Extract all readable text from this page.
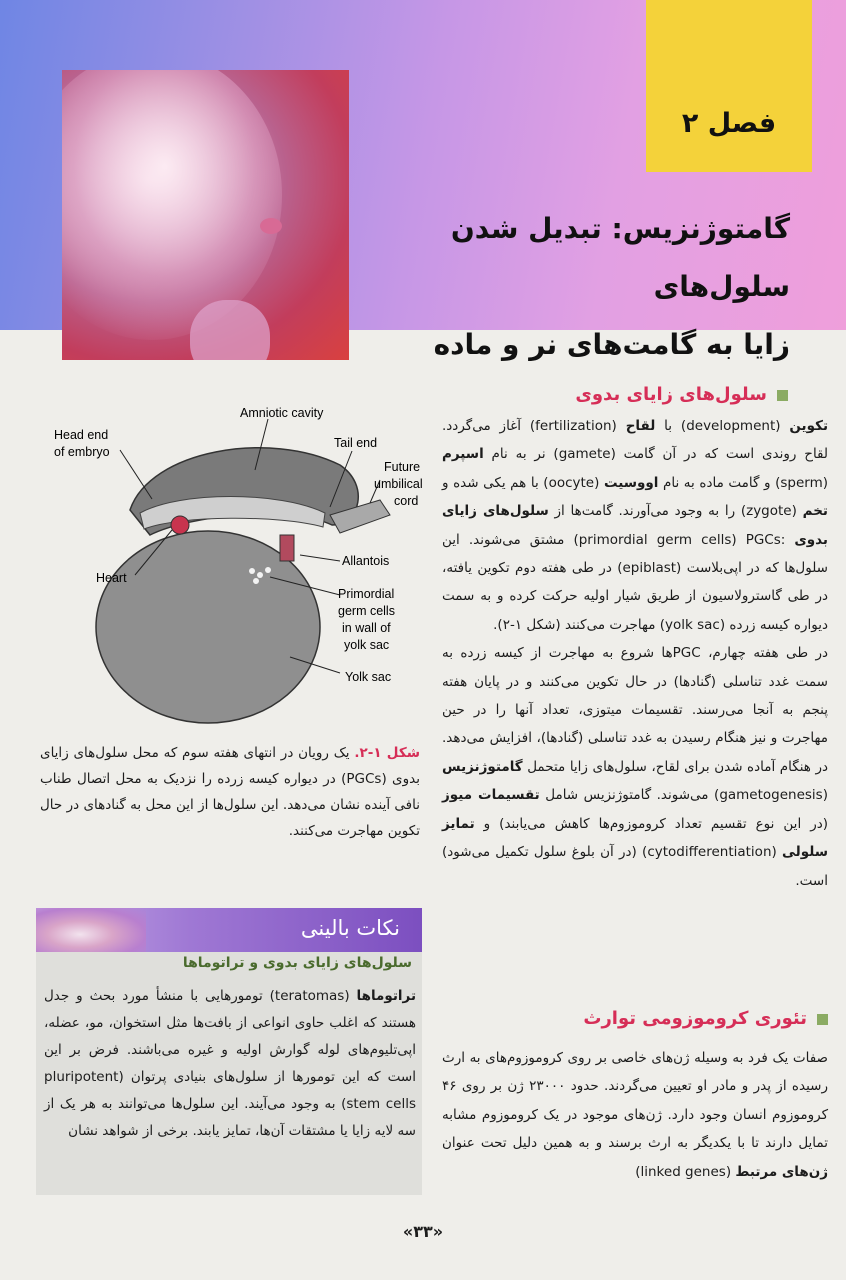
فصل ۲
گامتوژنزیس: تبدیل شدن سلول‌های
زایا به گامت‌های نر و ماده
Amniotic cavity
Head end
of embryo
Tail end
Future
umbilical
cord
Heart
Allantois
Primordial
germ cells
in wall of
yolk sac
Yolk sac
شکل ۱-۲. یک رویان در انتهای هفته سوم که محل سلول‌های زایای بدوی (PGCs) در دیواره کیسه زرده را نزدیک به محل اتصال طناب نافی آینده نشان می‌دهد. این سلول‌ها از این محل به گنادهای در حال تکوین مهاجرت می‌کنند.
نکات بالینی
سلول‌های زایای بدوی و تراتوماها
تراتوماها (teratomas) تومورهایی با منشأ مورد بحث و جدل هستند که اغلب حاوی انواعی از بافت‌ها مثل استخوان، مو، عضله، اپی‌تلیوم‌های لوله گوارش اولیه و غیره می‌باشند. فرض بر این است که این تومورها از سلول‌های بنیادی پرتوان (pluripotent stem cells) به وجود می‌آیند. این سلول‌ها می‌توانند به هر یک از سه لایه زایا یا مشتقات آن‌ها، تمایز یابند. برخی از شواهد نشان
سلول‌های زایای بدوی

تکوین (development) با لقاح (fertilization) آغاز می‌گردد. لقاح روندی است که در آن گامت (gamete) نر به نام اسپرم (sperm) و گامت ماده به نام اووسیت (oocyte) با هم یکی شده و تخم (zygote) را به وجود می‌آورند. گامت‌ها از سلول‌های زایای بدوی :primordial germ cells) PGCs) مشتق می‌شوند. این سلول‌ها که در اپی‌بلاست (epiblast) در طی هفته دوم تکوین یافته، در طی گاسترولاسیون از طریق شیار اولیه حرکت کرده و به سمت دیواره کیسه زرده (yolk sac) مهاجرت می‌کنند (شکل ۱-۲).

در طی هفته چهارم، PGCها شروع به مهاجرت از کیسه زرده به سمت غدد تناسلی (گنادها) در حال تکوین می‌کنند و در پایان هفته پنجم به آنجا می‌رسند. تقسیمات میتوزی، تعداد آنها را در حین مهاجرت و نیز هنگام رسیدن به غدد تناسلی (گنادها)، افزایش می‌دهد. در هنگام آماده شدن برای لقاح، سلول‌های زایا متحمل گامتوژنزیس (gametogenesis) می‌شوند. گامتوژنزیس شامل تقسیمات میوز (در این نوع تقسیم تعداد کروموزوم‌ها کاهش می‌یابند) و تمایز سلولی (cytodifferentiation) (در آن بلوغ سلول تکمیل می‌شود) است.

تئوری کروموزومی توارث

صفات یک فرد به وسیله ژن‌های خاصی بر روی کروموزوم‌های به ارث رسیده از پدر و مادر او تعیین می‌گردند. حدود ۲۳۰۰۰ ژن بر روی ۴۶ کروموزوم انسان وجود دارد. ژن‌های موجود در یک کروموزوم مشابه تمایل دارند تا با یکدیگر به ارث برسند و به همین دلیل تحت عنوان ژن‌های مرتبط (linked genes)

«۳۳»
